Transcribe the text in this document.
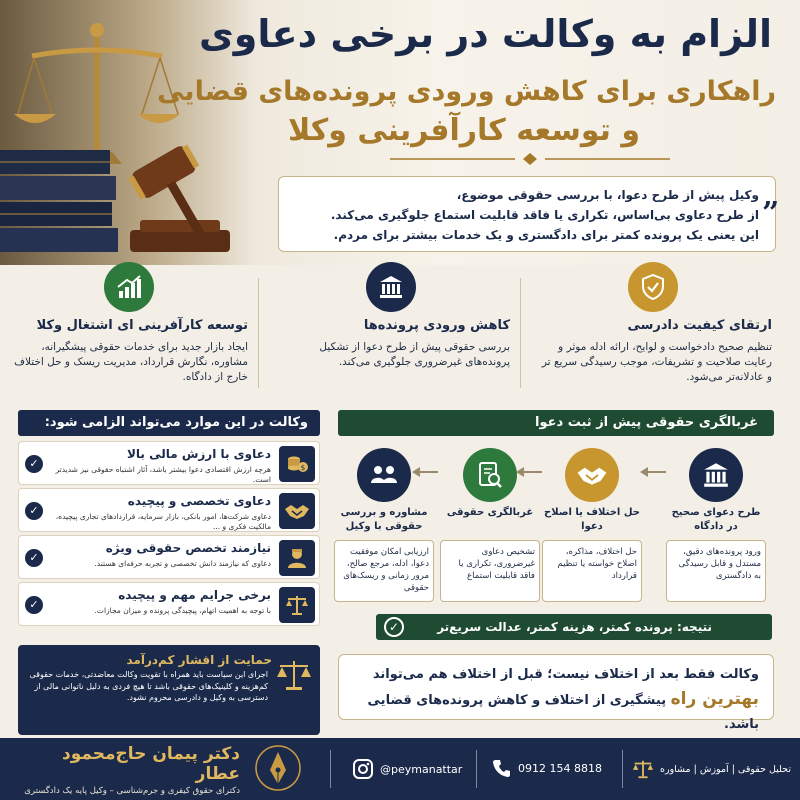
الزام به وکالت در برخی دعاوی
راهکاری برای کاهش ورودی پرونده‌های قضایی
و توسعه کارآفرینی وکلا
وکیل پیش از طرح دعوا، با بررسی حقوقی موضوع،
از طرح دعاوی بی‌اساس، تکراری یا فاقد قابلیت استماع جلوگیری می‌کند.
این یعنی یک پرونده کمتر برای دادگستری و یک خدمات بیشتر برای مردم.
”
ارتقای کیفیت دادرسی

تنظیم صحیح دادخواست و لوایح، ارائه ادله موثر و رعایت صلاحیت و تشریفات، موجب رسیدگی سریع تر و عادلانه‌تر می‌شود.

کاهش ورودی پرونده‌ها

بررسی حقوقی پیش از طرح دعوا از تشکیل پرونده‌های غیرضروری جلوگیری می‌کند.

توسعه کارآفرینی ای اشتغال وکلا

ایجاد بازار جدید برای خدمات حقوقی پیشگیرانه، مشاوره، نگارش قرارداد، مدیریت ریسک و حل اختلاف خارج از دادگاه.

وکالت در این موارد می‌تواند الزامی شود:
$
دعاوی با ارزش مالی بالا
هرچه ارزش اقتصادی دعوا بیشتر باشد، آثار اشتباه حقوقی نیز شدیدتر است.
✓
دعاوی تخصصی و پیچیده
دعاوی شرکت‌ها، امور بانکی، بازار سرمایه، قراردادهای تجاری پیچیده، مالکیت فکری و ...
✓
نیازمند تخصص حقوقی ویژه
دعاوی که نیازمند دانش تخصصی و تجربه حرفه‌ای هستند.
✓
برخی جرایم مهم و پیچیده
با توجه به اهمیت اتهام، پیچیدگی پرونده و میزان مجازات.
✓
حمایت از اقشار کم‌درآمد

اجرای این سیاست باید همراه با تقویت وکالت معاضدتی، خدمات حقوقی کم‌هزینه و کلینیک‌های حقوقی باشد تا هیچ فردی به دلیل ناتوانی مالی از دسترسی به وکیل و دادرسی محروم نشود.

غربالگری حقوقی پیش از ثبت دعوا
طرح دعوای صحیح در دادگاه
ورود پرونده‌های دقیق، مستدل و قابل رسیدگی به دادگستری
حل اختلاف یا اصلاح دعوا
حل اختلاف، مذاکره، اصلاح خواسته یا تنظیم قرارداد
غربالگری حقوقی
تشخیص دعاوی غیرضروری، تکراری یا فاقد قابلیت استماع
مشاوره و بررسی حقوقی با وکیل
ارزیابی امکان موفقیت دعوا، ادله، مرجع صالح، مرور زمانی و ریسک‌های حقوقی
نتیجه: پرونده کمتر، هزینه کمتر، عدالت سریع‌تر
✓
وکالت فقط بعد از اختلاف نیست؛ قبل از اختلاف هم می‌تواند
بهترین راه پیشگیری از اختلاف و کاهش پرونده‌های قضایی باشد.
دکتر پیمان حاج‌محمود عطار
دکترای حقوق کیفری و جرم‌شناسی – وکیل پایه یک دادگستری
@peymanattar	0912 154 8818	تحلیل حقوقی | آموزش | مشاوره
